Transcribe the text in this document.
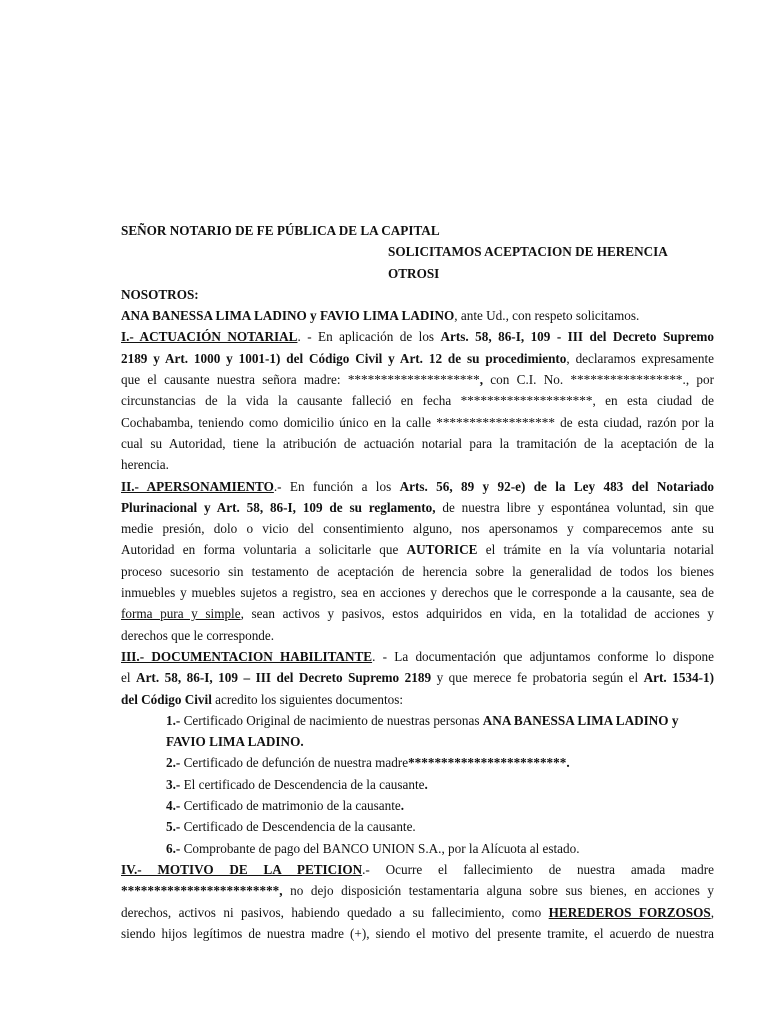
SEÑOR NOTARIO DE FE PÚBLICA DE LA CAPITAL
SOLICITAMOS ACEPTACION DE HERENCIA
OTROSI
NOSOTROS:
ANA BANESSA LIMA LADINO y FAVIO LIMA LADINO, ante Ud., con respeto solicitamos.
I.- ACTUACIÓN NOTARIAL. - En aplicación de los Arts. 58, 86-I, 109 - III del Decreto Supremo
2189 y Art. 1000 y 1001-1) del Código Civil y Art. 12 de su procedimiento, declaramos expresamente
que el causante nuestra señora madre: ********************, con C.I. No. *****************., por
circunstancias de la vida la causante falleció en fecha ********************, en esta ciudad de
Cochabamba, teniendo como domicilio único en la calle ****************** de esta ciudad, razón por la
cual su Autoridad, tiene la atribución de actuación notarial para la tramitación de la aceptación de la
herencia.
II.- APERSONAMIENTO.- En función a los Arts. 56, 89 y 92-e) de la Ley 483 del Notariado
Plurinacional y Art. 58, 86-I, 109 de su reglamento, de nuestra libre y espontánea voluntad, sin que
medie presión, dolo o vicio del consentimiento alguno, nos apersonamos y comparecemos ante su
Autoridad en forma voluntaria a solicitarle que AUTORICE el trámite en la vía voluntaria notarial
proceso sucesorio sin testamento de aceptación de herencia sobre la generalidad de todos los bienes
inmuebles y muebles sujetos a registro, sea en acciones y derechos que le corresponde a la causante, sea de
forma pura y simple, sean activos y pasivos, estos adquiridos en vida, en la totalidad de acciones y
derechos que le corresponde.
III.- DOCUMENTACION HABILITANTE. - La documentación que adjuntamos conforme lo dispone
el Art. 58, 86-I, 109 – III del Decreto Supremo 2189 y que merece fe probatoria según el Art. 1534-1)
del Código Civil acredito los siguientes documentos:
1.- Certificado Original de nacimiento de nuestras personas ANA BANESSA LIMA LADINO y
FAVIO LIMA LADINO.
2.- Certificado de defunción de nuestra madre************************.
3.- El certificado de Descendencia de la causante.
4.- Certificado de matrimonio de la causante.
5.- Certificado de Descendencia de la causante.
6.- Comprobante de pago del BANCO UNION S.A., por la Alícuota al estado.
IV.- MOTIVO DE LA PETICION.- Ocurre el fallecimiento de nuestra amada madre
************************, no dejo disposición testamentaria alguna sobre sus bienes, en acciones y
derechos, activos ni pasivos, habiendo quedado a su fallecimiento, como HEREDEROS FORZOSOS,
siendo hijos legítimos de nuestra madre (+), siendo el motivo del presente tramite, el acuerdo de nuestra
